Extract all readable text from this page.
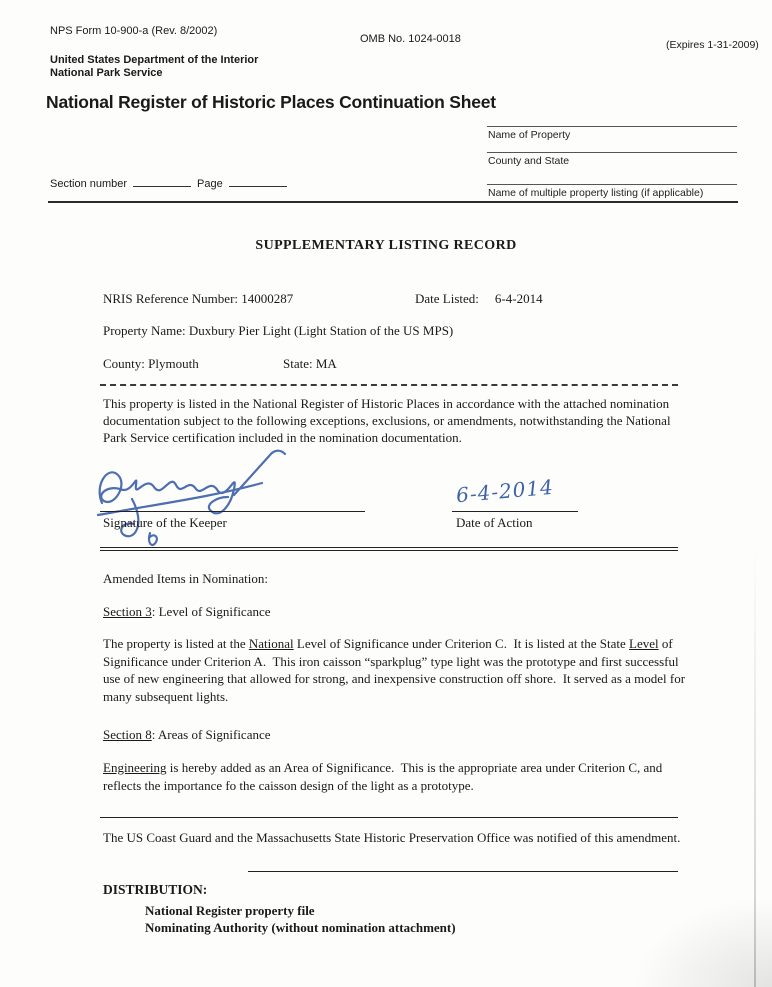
NPS Form 10-900-a (Rev. 8/2002)
OMB No. 1024-0018	(Expires 1-31-2009)
United States Department of the Interior
National Park Service
National Register of Historic Places Continuation Sheet
Name of Property
County and State
Name of multiple property listing (if applicable)
Section number	Page
SUPPLEMENTARY LISTING RECORD
NRIS Reference Number: 14000287	Date Listed: 6-4-2014
Property Name: Duxbury Pier Light (Light Station of the US MPS)
County: Plymouth	State: MA

This property is listed in the National Register of Historic Places in accordance with the attached nomination documentation subject to the following exceptions, exclusions, or amendments, notwithstanding the National Park Service certification included in the nomination documentation.

Signature of the Keeper
6-4-2014
Date of Action
Amended Items in Nomination:
Section 3: Level of Significance

The property is listed at the National Level of Significance under Criterion C.  It is listed at the State Level of Significance under Criterion A.  This iron caisson “sparkplug” type light was the prototype and first successful use of new engineering that allowed for strong, and inexpensive construction off shore.  It served as a model for many subsequent lights.

Section 8: Areas of Significance

Engineering is hereby added as an Area of Significance.  This is the appropriate area under Criterion C, and reflects the importance fo the caisson design of the light as a prototype.

The US Coast Guard and the Massachusetts State Historic Preservation Office was notified of this amendment.

DISTRIBUTION:
National Register property file
Nominating Authority (without nomination attachment)
